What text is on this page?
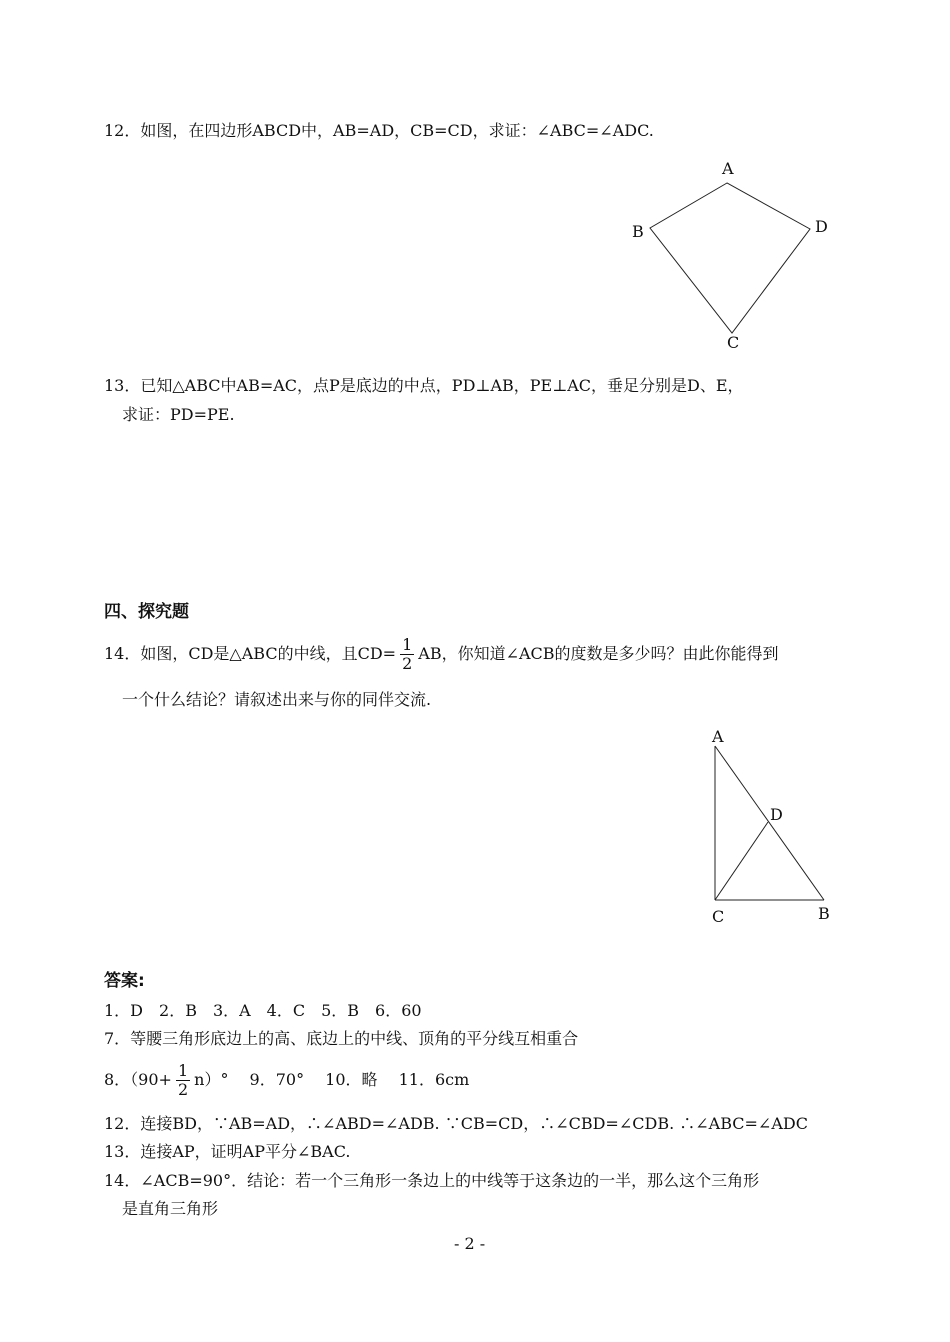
12．如图，在四边形ABCD中，AB=AD，CB=CD，求证：∠ABC=∠ADC.
A
B
C
D
13．已知△ABC中AB=AC，点P是底边的中点，PD⊥AB，PE⊥AC，垂足分别是D、E，
求证：PD=PE.
四、探究题
14．如图，CD是△ABC的中线，且$CD= \frac{1}{2}$ AB，你知道∠ACB的度数是多少吗？由此你能得到
一个什么结论？请叙述出来与你的同伴交流.
A
D
C	B
答案:
1．D　2．B　3．A　4．C　5．B　6．60
7．等腰三角形底边上的高、底边上的中线、顶角的平分线互相重合
8．$(90+ \frac{1}{2} n)^\circ$　 9．70°　 10．略　 11．6cm
12．连接BD，∵AB=AD，∴∠ABD=∠ADB. ∵CB=CD，∴∠CBD=∠CDB. ∴∠ABC=∠ADC
13．连接AP，证明AP平分∠BAC.
14．∠ACB=90°．结论：若一个三角形一条边上的中线等于这条边的一半，那么这个三角形
是直角三角形
- 2 -
